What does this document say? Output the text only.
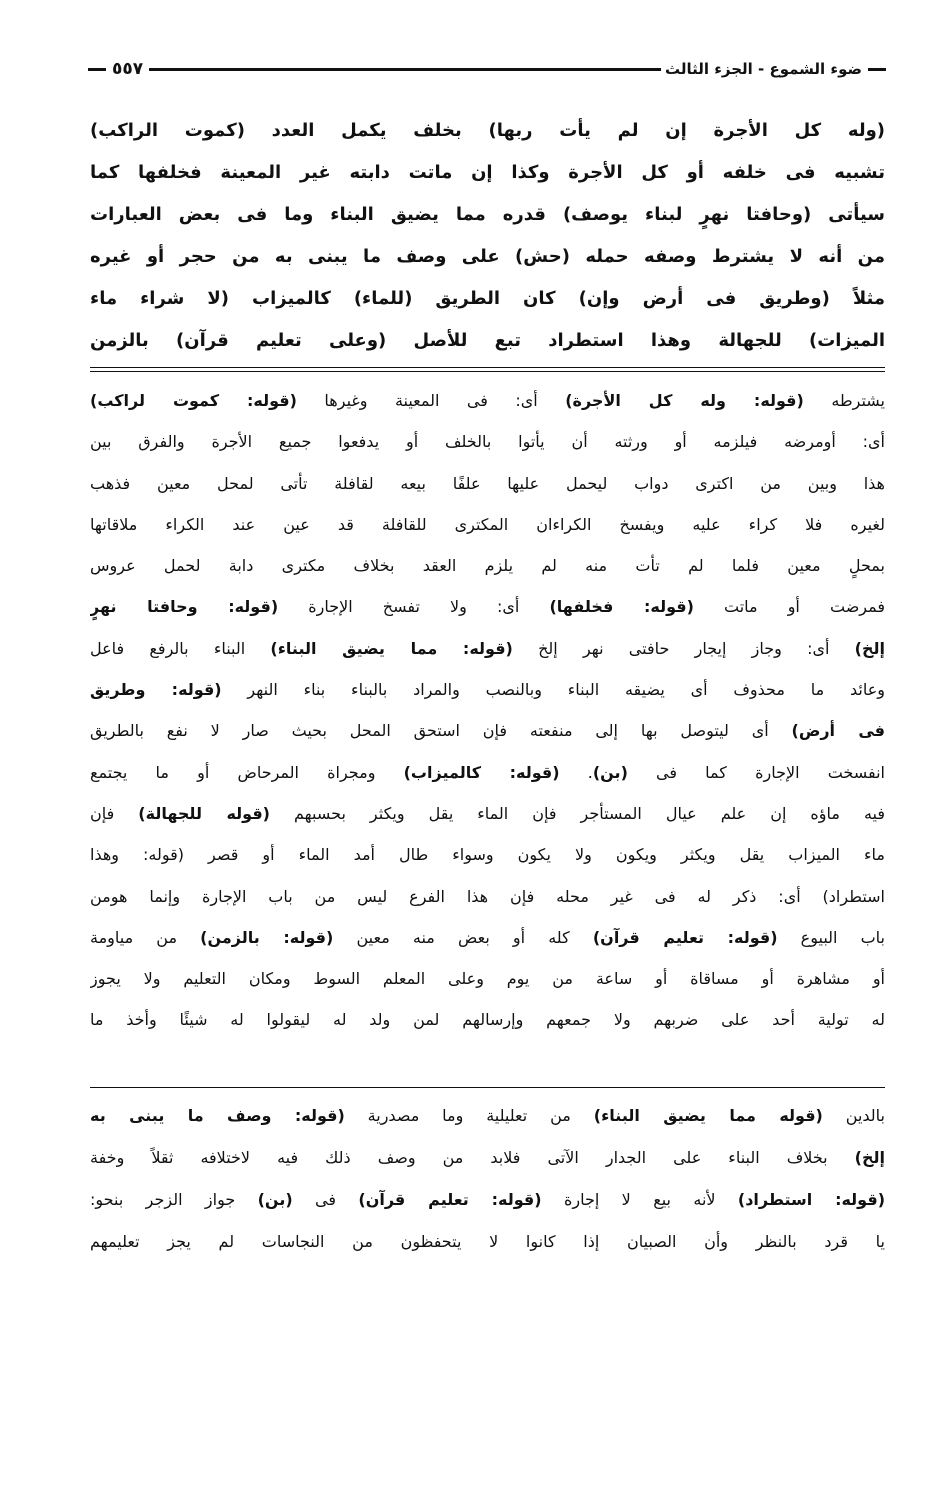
ضوء الشموع - الجزء الثالث
٥٥٧
(وله كل الأجرة إن لم يأت ربها) بخلف يكمل العدد (كموت الراكب)
تشبيه فى خلفه أو كل الأجرة وكذا إن ماتت دابته غير المعينة فخلفها كما
سيأتى (وحافتا نهرٍ لبناء يوصف) قدره مما يضيق البناء وما فى بعض العبارات
من أنه لا يشترط وصفه حمله (حش) على وصف ما يبنى به من حجر أو غيره
مثلاً (وطريق فى أرض وإن) كان الطريق (للماء) كالميزاب (لا شراء ماء
الميزات) للجهالة وهذا استطراد تبع للأصل (وعلى تعليم قرآن) بالزمن
يشترطه (قوله: وله كل الأجرة) أى: فى المعينة وغيرها (قوله: كموت لراكب)
أى: أومرضه فيلزمه أو ورثته أن يأتوا بالخلف أو يدفعوا جميع الأجرة والفرق بين
هذا وبين من اكترى دواب ليحمل عليها علفًا بيعه لقافلة تأتى لمحل معين فذهب
لغيره فلا كراء عليه ويفسخ الكراءان المكترى للقافلة قد عين عند الكراء ملاقاتها
بمحلٍ معين فلما لم تأت منه لم يلزم العقد بخلاف مكترى دابة لحمل عروس
فمرضت أو ماتت (قوله: فخلفها) أى: ولا تفسخ الإجارة (قوله: وحافتا نهرٍ
إلخ) أى: وجاز إيجار حافتى نهر إلخ (قوله: مما يضيق البناء) البناء بالرفع فاعل
وعائد ما محذوف أى يضيقه البناء وبالنصب والمراد بالبناء بناء النهر (قوله: وطريق
فى أرض) أى ليتوصل بها إلى منفعته فإن استحق المحل بحيث صار لا نفع بالطريق
انفسخت الإجارة كما فى (بن). (قوله: كالميزاب) ومجراة المرحاض أو ما يجتمع
فيه ماؤه إن علم عيال المستأجر فإن الماء يقل ويكثر بحسبهم (قوله للجهالة) فإن
ماء الميزاب يقل ويكثر ويكون ولا يكون وسواء طال أمد الماء أو قصر (قوله: وهذا
استطراد) أى: ذكر له فى غير محله فإن هذا الفرع ليس من باب الإجارة وإنما هومن
باب البيوع (قوله: تعليم قرآن) كله أو بعض منه معين (قوله: بالزمن) من مياومة
أو مشاهرة أو مساقاة أو ساعة من يوم وعلى المعلم السوط ومكان التعليم ولا يجوز
له تولية أحد على ضربهم ولا جمعهم وإرسالهم لمن ولد له ليقولوا له شيئًا وأخذ ما
بالدين (قوله مما يضيق البناء) من تعليلية وما مصدرية (قوله: وصف ما يبنى به
إلخ) بخلاف البناء على الجدار الآتى فلابد من وصف ذلك فيه لاختلافه ثقلاً وخفة
(قوله: استطراد) لأنه بيع لا إجارة (قوله: تعليم قرآن) فى (بن) جواز الزجر بنحو:
يا قرد بالنظر وأن الصبيان إذا كانوا لا يتحفظون من النجاسات لم يجز تعليمهم
